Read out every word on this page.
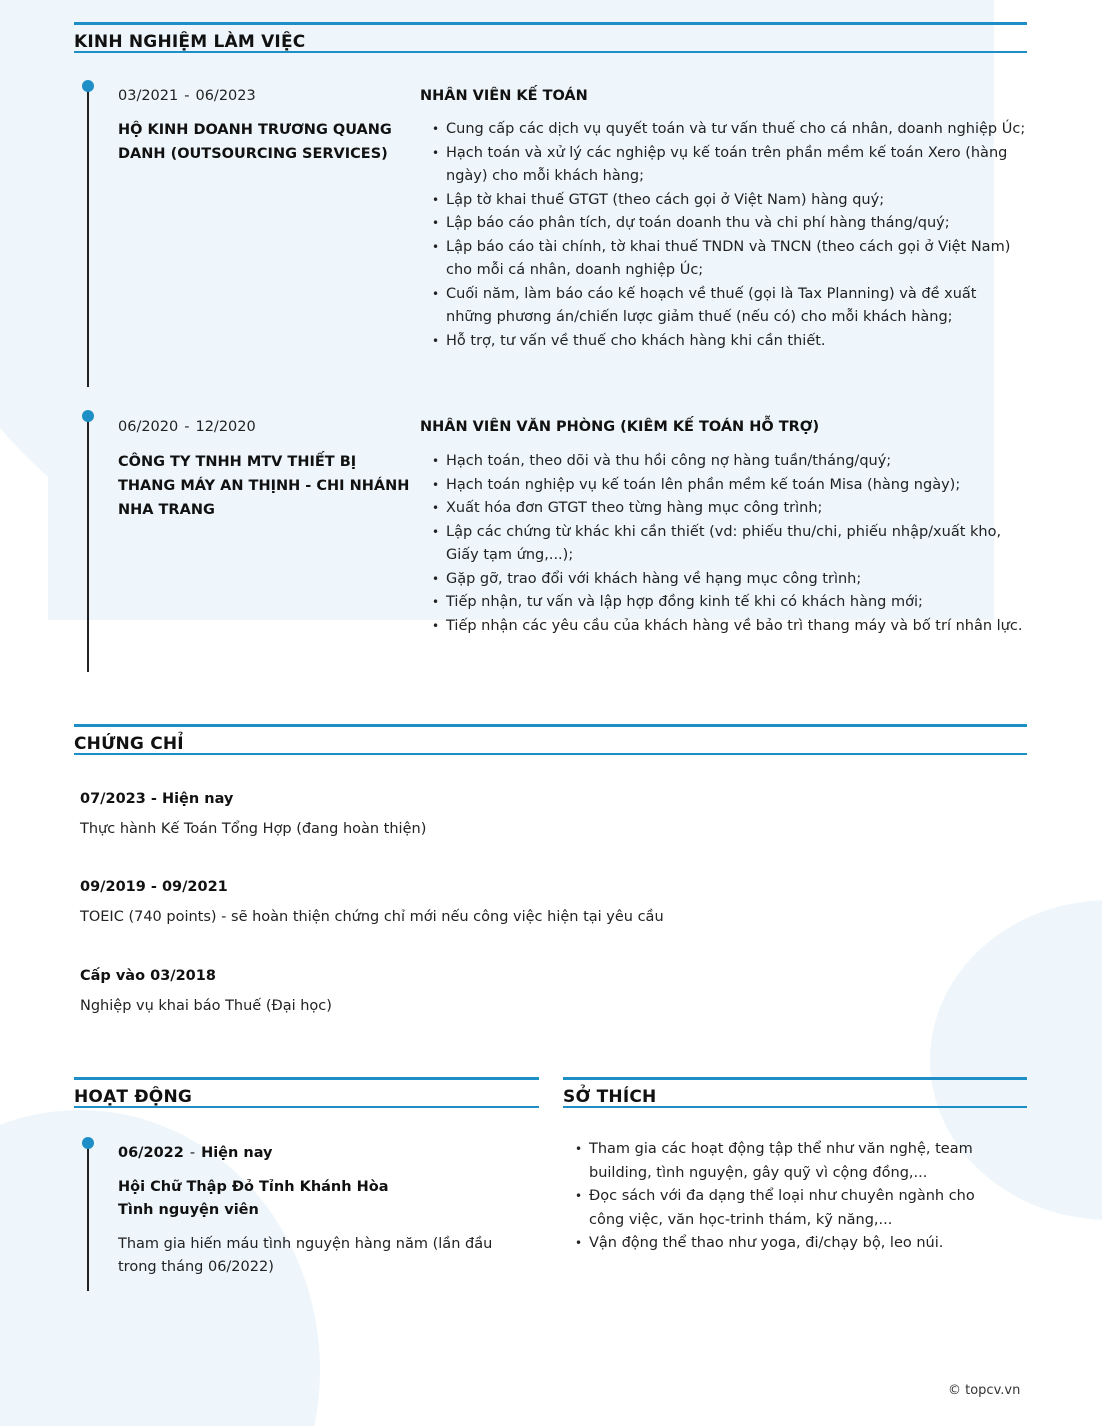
KINH NGHIỆM LÀM VIỆC
03/2021 - 06/2023
HỘ KINH DOANH TRƯƠNG QUANG DANH (OUTSOURCING SERVICES)
NHÂN VIÊN KẾ TOÁN
• Cung cấp các dịch vụ quyết toán và tư vấn thuế cho cá nhân, doanh nghiệp Úc;
• Hạch toán và xử lý các nghiệp vụ kế toán trên phần mềm kế toán Xero (hàng ngày) cho mỗi khách hàng;
• Lập tờ khai thuế GTGT (theo cách gọi ở Việt Nam) hàng quý;
• Lập báo cáo phân tích, dự toán doanh thu và chi phí hàng tháng/quý;
• Lập báo cáo tài chính, tờ khai thuế TNDN và TNCN (theo cách gọi ở Việt Nam) cho mỗi cá nhân, doanh nghiệp Úc;
• Cuối năm, làm báo cáo kế hoạch về thuế (gọi là Tax Planning) và đề xuất những phương án/chiến lược giảm thuế (nếu có) cho mỗi khách hàng;
• Hỗ trợ, tư vấn về thuế cho khách hàng khi cần thiết.
06/2020 - 12/2020
CÔNG TY TNHH MTV THIẾT BỊ THANG MÁY AN THỊNH - CHI NHÁNH NHA TRANG
NHÂN VIÊN VĂN PHÒNG (KIÊM KẾ TOÁN HỖ TRỢ)
• Hạch toán, theo dõi và thu hồi công nợ hàng tuần/tháng/quý;
• Hạch toán nghiệp vụ kế toán lên phần mềm kế toán Misa (hàng ngày);
• Xuất hóa đơn GTGT theo từng hàng mục công trình;
• Lập các chứng từ khác khi cần thiết (vd: phiếu thu/chi, phiếu nhập/xuất kho, Giấy tạm ứng,...);
• Gặp gỡ, trao đổi với khách hàng về hạng mục công trình;
• Tiếp nhận, tư vấn và lập hợp đồng kinh tế khi có khách hàng mới;
• Tiếp nhận các yêu cầu của khách hàng về bảo trì thang máy và bố trí nhân lực.
CHỨNG CHỈ
07/2023 - Hiện nay
Thực hành Kế Toán Tổng Hợp (đang hoàn thiện)
09/2019 - 09/2021
TOEIC (740 points) - sẽ hoàn thiện chứng chỉ mới nếu công việc hiện tại yêu cầu
Cấp vào 03/2018
Nghiệp vụ khai báo Thuế (Đại học)
HOẠT ĐỘNG
06/2022 - Hiện nay
Hội Chữ Thập Đỏ Tỉnh Khánh Hòa
Tình nguyện viên
Tham gia hiến máu tình nguyện hàng năm (lần đầu trong tháng 06/2022)
SỞ THÍCH
• Tham gia các hoạt động tập thể như văn nghệ, team building, tình nguyện, gây quỹ vì cộng đồng,...
• Đọc sách với đa dạng thể loại như chuyên ngành cho công việc, văn học-trinh thám, kỹ năng,...
• Vận động thể thao như yoga, đi/chạy bộ, leo núi.
© topcv.vn
